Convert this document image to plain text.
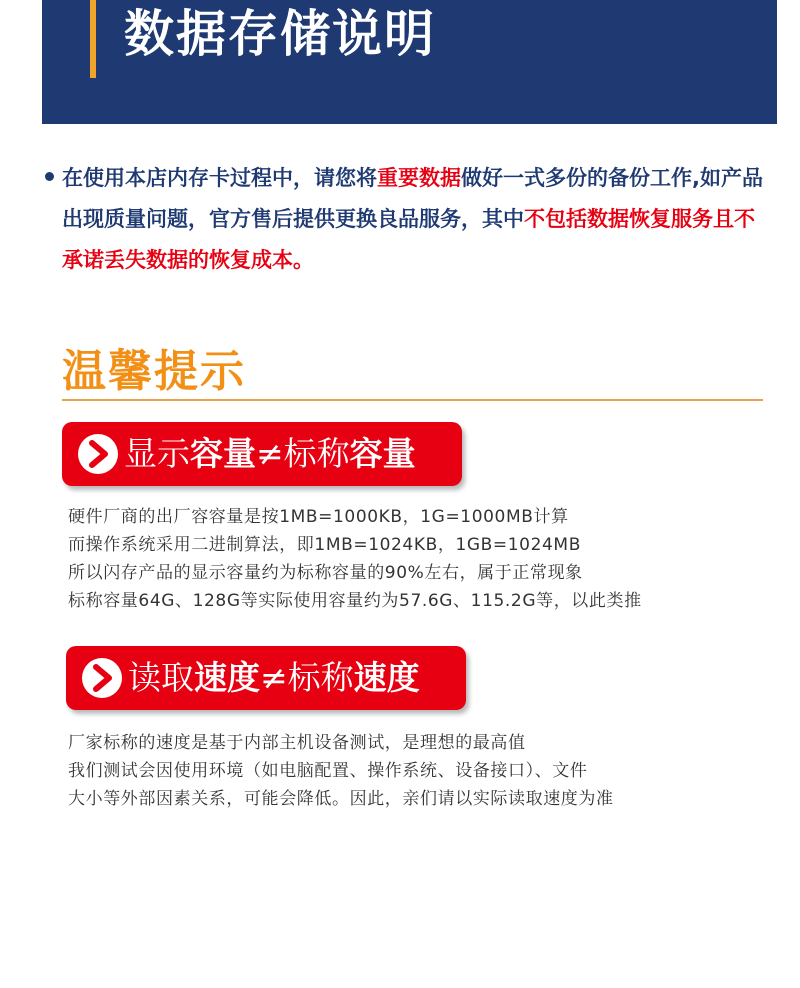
数据存储说明
在使用本店内存卡过程中，请您将重要数据做好一式多份的备份工作,如产品出现质量问题，官方售后提供更换良品服务，其中不包括数据恢复服务且不承诺丢失数据的恢复成本。
温馨提示
显示容量≠标称容量
硬件厂商的出厂容容量是按1MB=1000KB，1G=1000MB计算
而操作系统采用二进制算法，即1MB=1024KB，1GB=1024MB
所以闪存产品的显示容量约为标称容量的90%左右，属于正常现象
标称容量64G、128G等实际使用容量约为57.6G、115.2G等，以此类推
读取速度≠标称速度
厂家标称的速度是基于内部主机设备测试，是理想的最高值
我们测试会因使用环境（如电脑配置、操作系统、设备接口）、文件
大小等外部因素关系，可能会降低。因此，亲们请以实际读取速度为准
